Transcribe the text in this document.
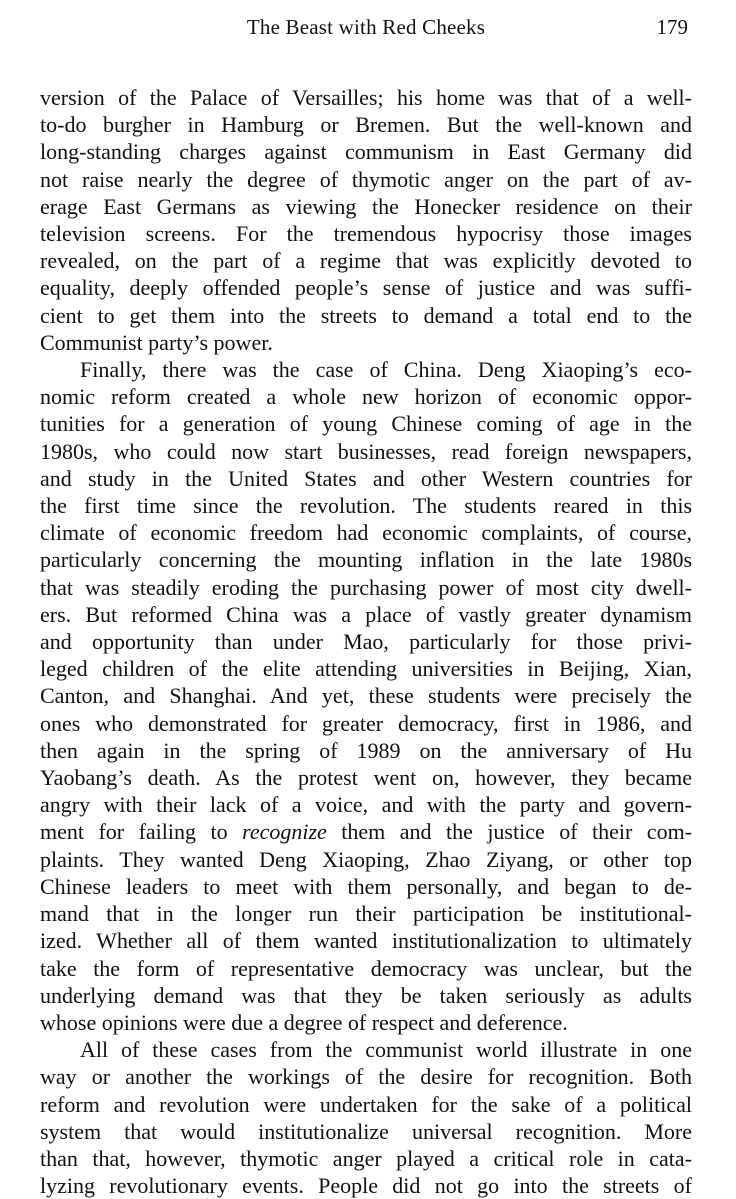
The Beast with Red Cheeks	179

version of the Palace of Versailles; his home was that of a well-
to-do burgher in Hamburg or Bremen. But the well-known and
long-standing charges against communism in East Germany did
not raise nearly the degree of thymotic anger on the part of av-
erage East Germans as viewing the Honecker residence on their
television screens. For the tremendous hypocrisy those images
revealed, on the part of a regime that was explicitly devoted to
equality, deeply offended people’s sense of justice and was suffi-
cient to get them into the streets to demand a total end to the
Communist party’s power.

Finally, there was the case of China. Deng Xiaoping’s eco-
nomic reform created a whole new horizon of economic oppor-
tunities for a generation of young Chinese coming of age in the
1980s, who could now start businesses, read foreign newspapers,
and study in the United States and other Western countries for
the first time since the revolution. The students reared in this
climate of economic freedom had economic complaints, of course,
particularly concerning the mounting inflation in the late 1980s
that was steadily eroding the purchasing power of most city dwell-
ers. But reformed China was a place of vastly greater dynamism
and opportunity than under Mao, particularly for those privi-
leged children of the elite attending universities in Beijing, Xian,
Canton, and Shanghai. And yet, these students were precisely the
ones who demonstrated for greater democracy, first in 1986, and
then again in the spring of 1989 on the anniversary of Hu
Yaobang’s death. As the protest went on, however, they became
angry with their lack of a voice, and with the party and govern-
ment for failing to recognize them and the justice of their com-
plaints. They wanted Deng Xiaoping, Zhao Ziyang, or other top
Chinese leaders to meet with them personally, and began to de-
mand that in the longer run their participation be institutional-
ized. Whether all of them wanted institutionalization to ultimately
take the form of representative democracy was unclear, but the
underlying demand was that they be taken seriously as adults
whose opinions were due a degree of respect and deference.

All of these cases from the communist world illustrate in one
way or another the workings of the desire for recognition. Both
reform and revolution were undertaken for the sake of a political
system that would institutionalize universal recognition. More
than that, however, thymotic anger played a critical role in cata-
lyzing revolutionary events. People did not go into the streets of
